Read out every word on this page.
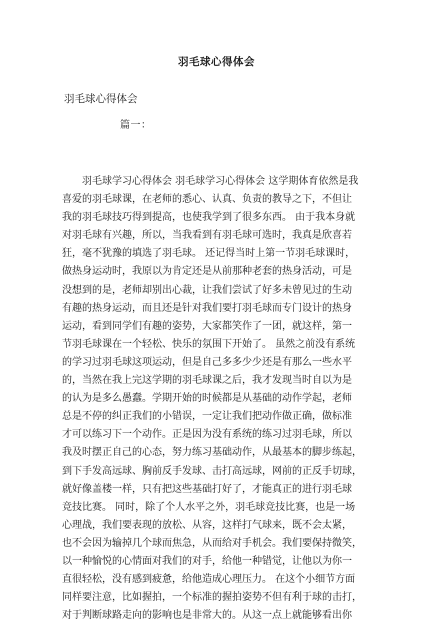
羽毛球心得体会
羽毛球心得体会
篇一：
羽毛球学习心得体会 羽毛球学习心得体会 这学期体育依然是我
喜爱的羽毛球课，在老师的悉心、认真、负责的教导之下，不但让
我的羽毛球技巧得到提高，也使我学到了很多东西。 由于我本身就
对羽毛球有兴趣，所以，当我看到有羽毛球可选时，我真是欣喜若
狂，毫不犹豫的填选了羽毛球。 还记得当时上第一节羽毛球课时，
做热身运动时，我原以为肯定还是从前那种老套的热身活动，可是
没想到的是，老师却别出心裁，让我们尝试了好多未曾见过的生动
有趣的热身运动，而且还是针对我们要打羽毛球而专门设计的热身
运动，看到同学们有趣的姿势，大家都笑作了一团，就这样，第一
节羽毛球课在一个轻松、快乐的氛围下开始了。 虽然之前没有系统
的学习过羽毛球这项运动，但是自己多多少少还是有那么一些水平
的，当然在我上完这学期的羽毛球课之后，我才发现当时自以为是
的认为是多么愚蠢。学期开始的时候都是从基础的动作学起，老师
总是不停的纠正我们的小错误，一定让我们把动作做正确，做标准
才可以练习下一个动作。正是因为没有系统的练习过羽毛球，所以
我及时摆正自己的心态，努力练习基础动作，从最基本的脚步练起，
到下手发高远球、胸前反手发球、击打高远球，网前的正反手切球，
就好像盖楼一样，只有把这些基础打好了，才能真正的进行羽毛球
竞技比赛。 同时，除了个人水平之外，羽毛球竞技比赛，也是一场
心理战，我们要表现的放松、从容，这样打气球来，既不会太紧，
也不会因为输掉几个球而焦急，从而给对手机会。我们要保持微笑，
以一种愉悦的心情面对我们的对手，给他一种错觉，让他以为你一
直很轻松，没有感到疲惫，给他造成心理压力。 在这个小细节方面
同样要注意，比如握拍，一个标准的握拍姿势不但有利于球的击打，
对于判断球路走向的影响也是非常大的。从这一点上就能够看出你
